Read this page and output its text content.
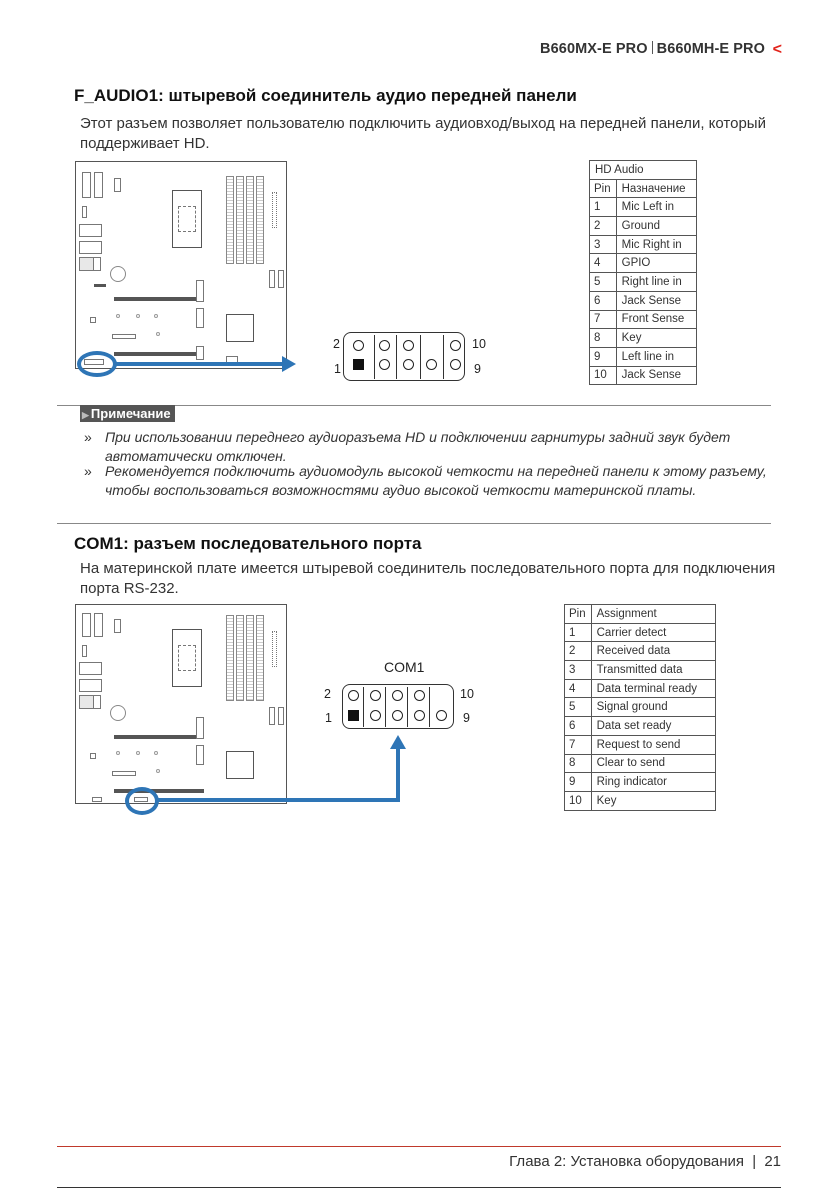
B660MX-E PRO B660MH-E PRO <
F_AUDIO1: штыревой соединитель аудио передней панели
Этот разъем позволяет пользователю подключить аудиовход/выход на передней панели, который поддерживает HD.
2	10
1	9
HD Audio	
Pin	Назначение
1	Mic Left in
2	Ground
3	Mic Right in
4	GPIO
5	Right line in
6	Jack Sense
7	Front Sense
8	Key
9	Left line in
10	Jack Sense
▶ Примечание
» При использовании переднего аудиоразъема HD и подключении гарнитуры задний звук будет автоматически отключен.
» Рекомендуется подключить аудиомодуль высокой четкости на передней панели к этому разъему, чтобы воспользоваться возможностями аудио высокой четкости материнской платы.
COM1: разъем последовательного порта
На материнской плате имеется штыревой соединитель последовательного порта для подключения порта RS-232.
COM1
2	10
1	9
Pin	Assignment
1	Carrier detect
2	Received data
3	Transmitted data
4	Data terminal ready
5	Signal ground
6	Data set ready
7	Request to send
8	Clear to send
9	Ring indicator
10	Key
Глава 2: Установка оборудования | 21
